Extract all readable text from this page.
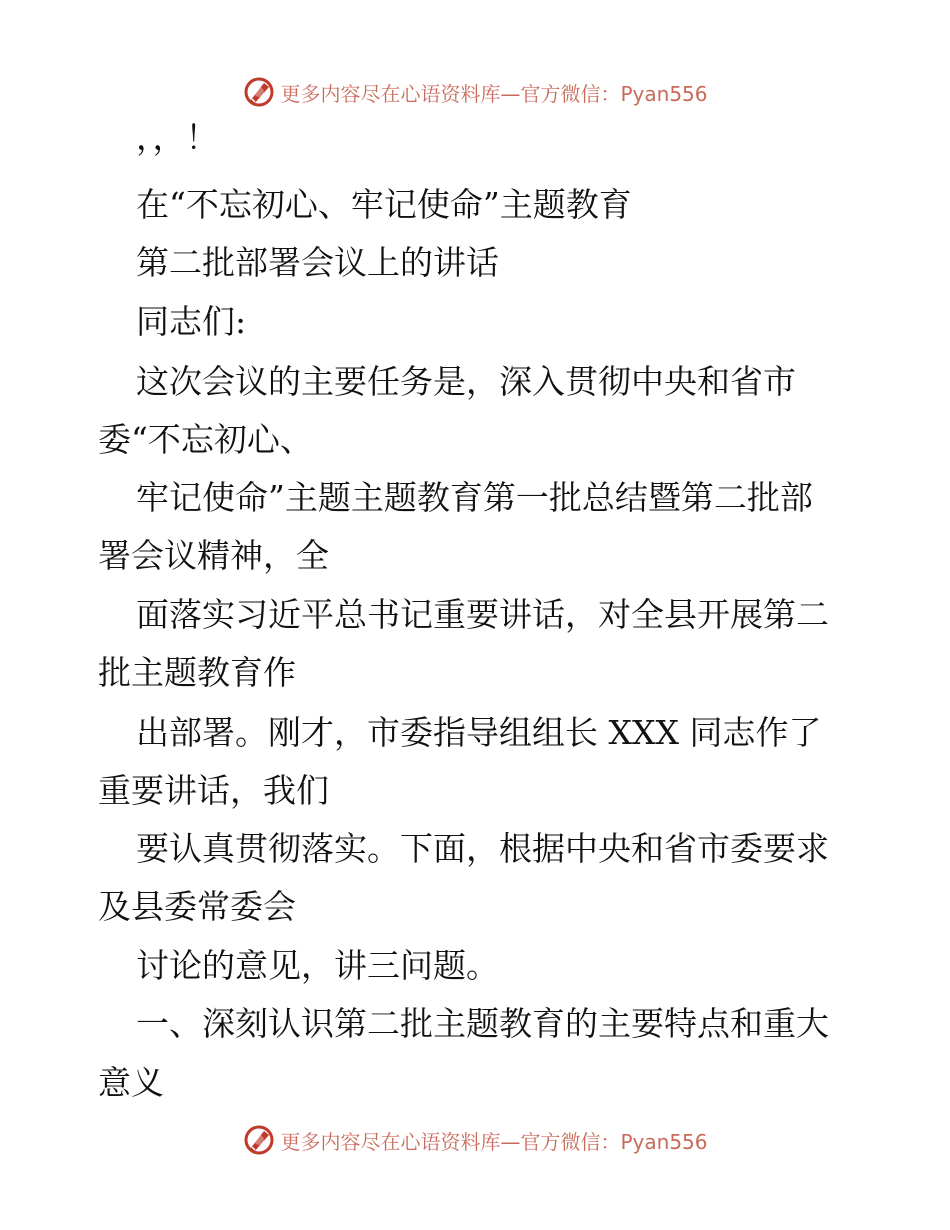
更多内容尽在心语资料库—官方微信：Pyan556
，，！
在“不忘初心、牢记使命”主题教育
第二批部署会议上的讲话
同志们:
这次会议的主要任务是，深入贯彻中央和省市
委“不忘初心、
牢记使命”主题主题教育第一批总结暨第二批部
署会议精神，全
面落实习近平总书记重要讲话，对全县开展第二
批主题教育作
出部署。刚才，市委指导组组长 XXX 同志作了
重要讲话，我们
要认真贯彻落实。下面，根据中央和省市委要求
及县委常委会
讨论的意见，讲三问题。
一、深刻认识第二批主题教育的主要特点和重大
意义
更多内容尽在心语资料库—官方微信：Pyan556
